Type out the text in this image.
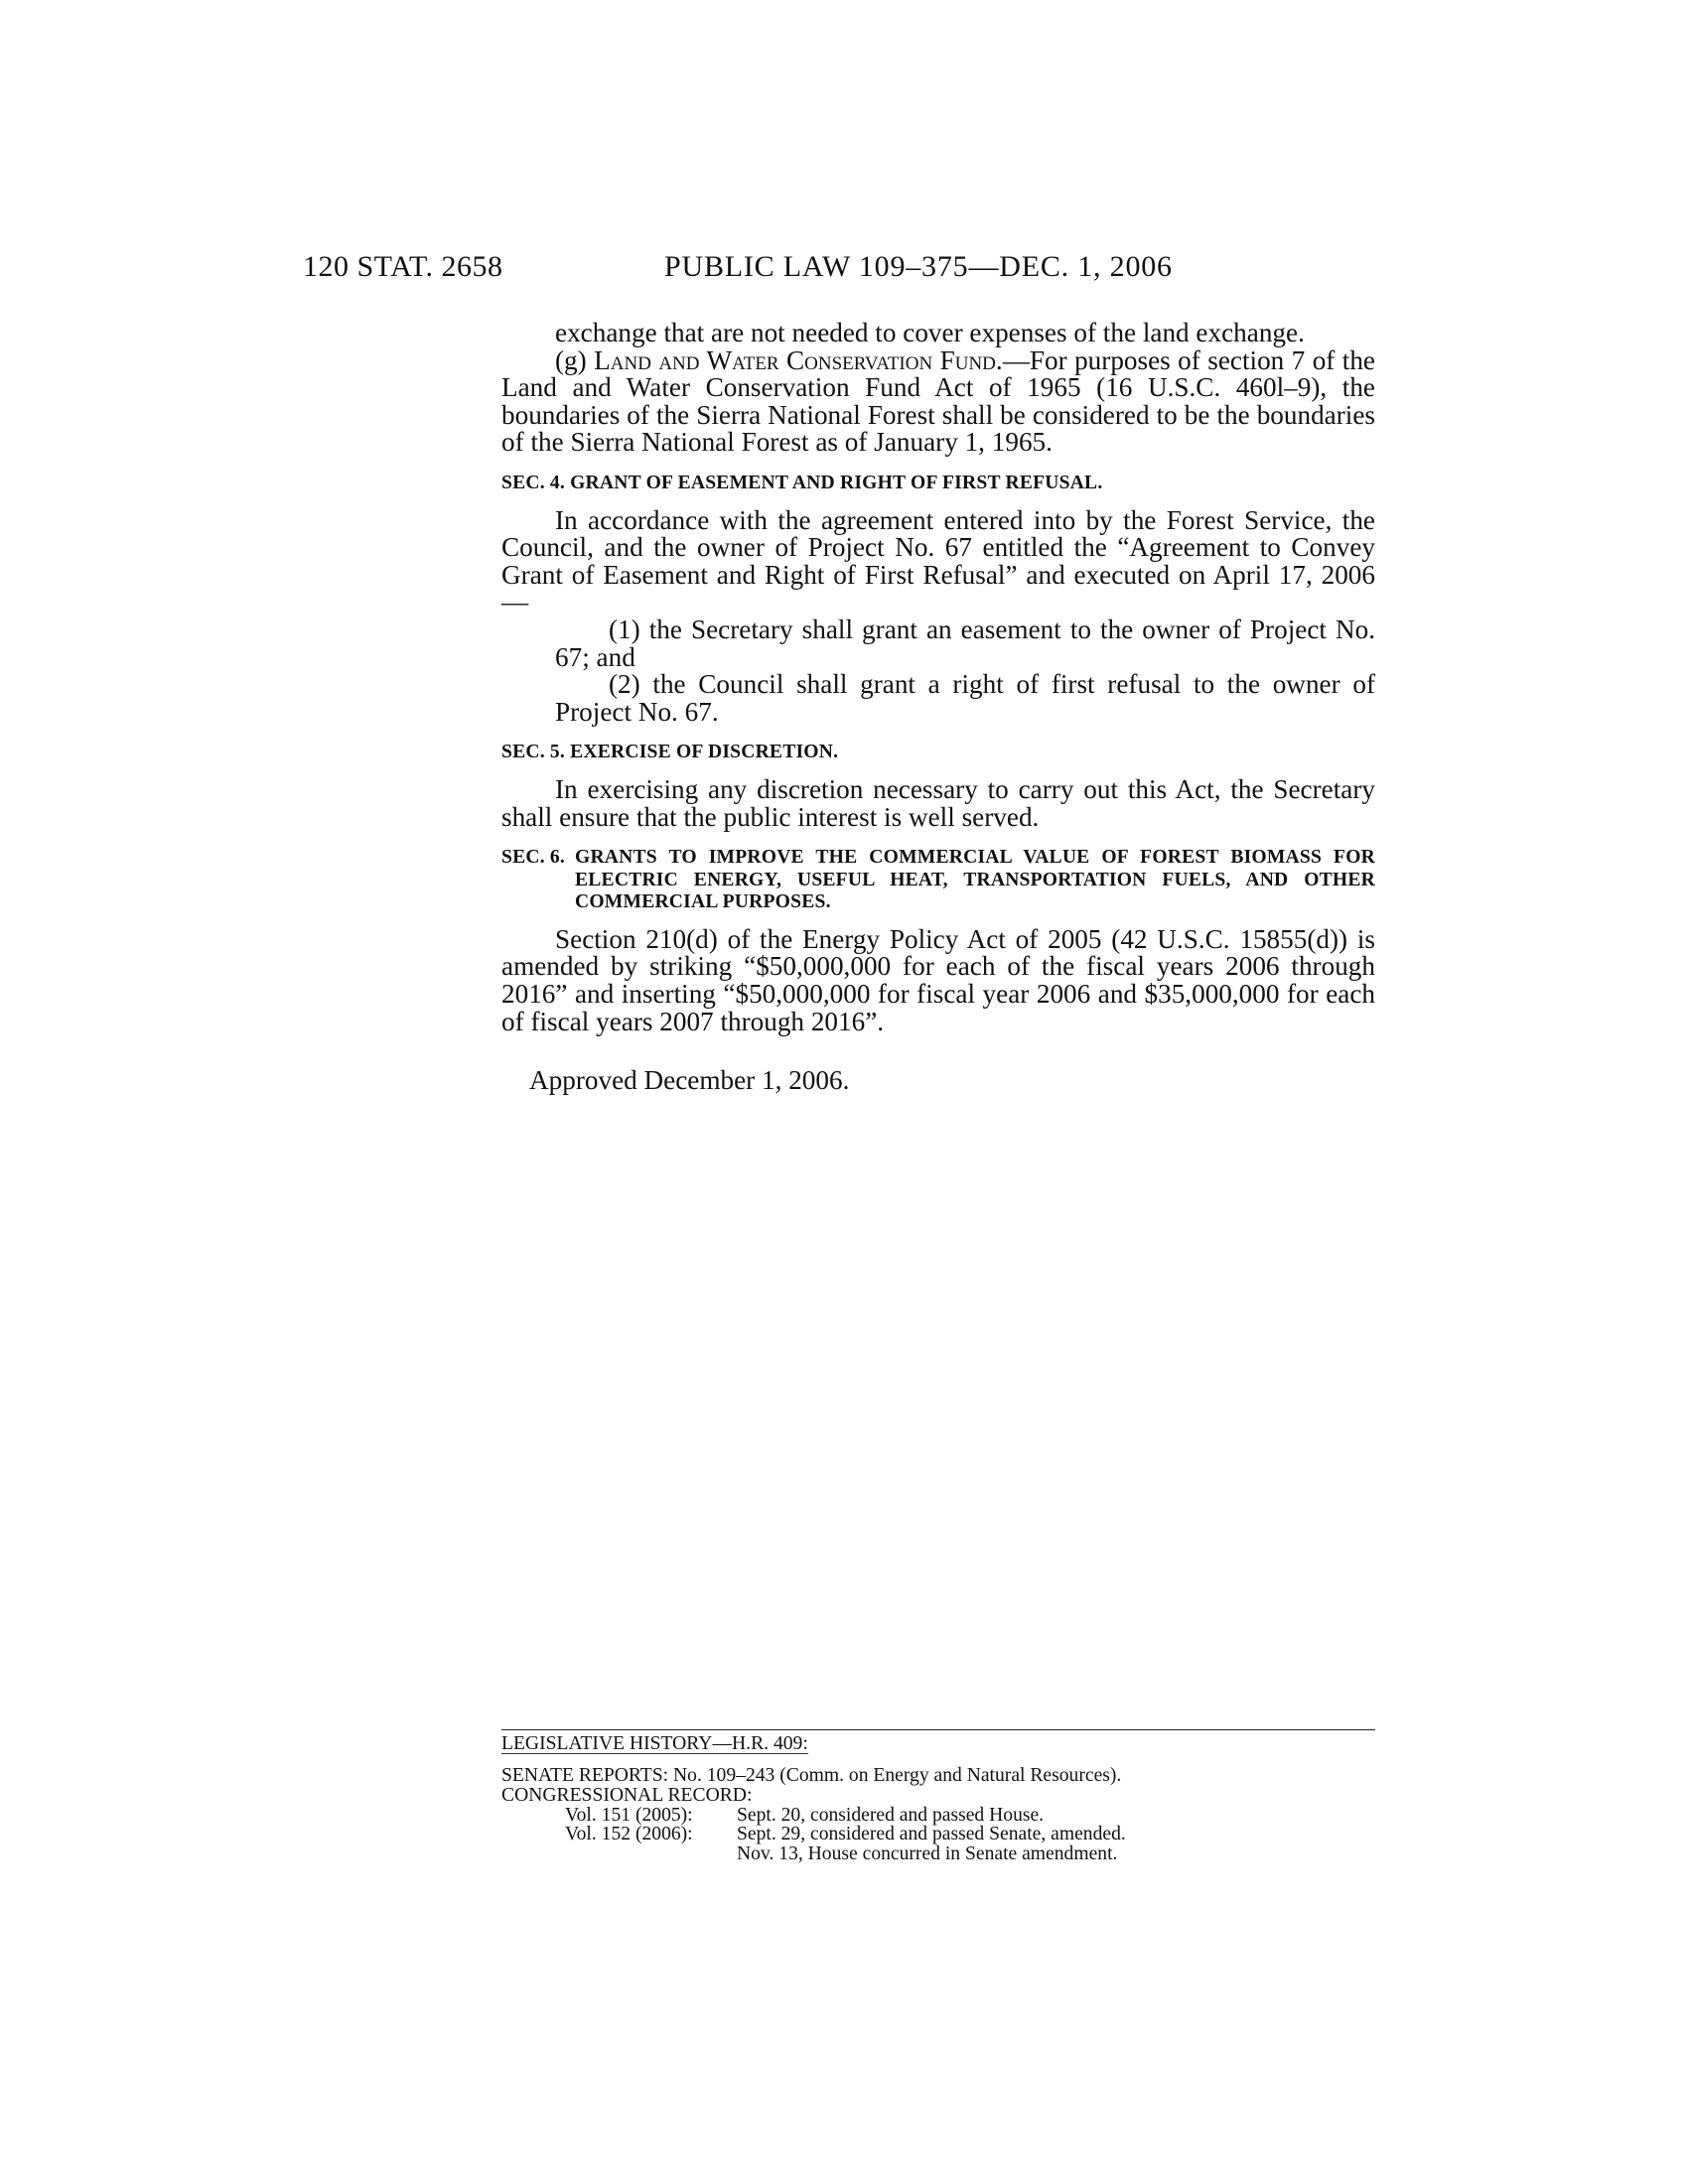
120 STAT. 2658	PUBLIC LAW 109–375—DEC. 1, 2006

exchange that are not needed to cover expenses of the land exchange.

(g) Land and Water Conservation Fund.—For purposes of section 7 of the Land and Water Conservation Fund Act of 1965 (16 U.S.C. 460l–9), the boundaries of the Sierra National Forest shall be considered to be the boundaries of the Sierra National Forest as of January 1, 1965.

SEC. 4. GRANT OF EASEMENT AND RIGHT OF FIRST REFUSAL.

In accordance with the agreement entered into by the Forest Service, the Council, and the owner of Project No. 67 entitled the “Agreement to Convey Grant of Easement and Right of First Refusal” and executed on April 17, 2006—

(1) the Secretary shall grant an easement to the owner of Project No. 67; and

(2) the Council shall grant a right of first refusal to the owner of Project No. 67.

SEC. 5. EXERCISE OF DISCRETION.

In exercising any discretion necessary to carry out this Act, the Secretary shall ensure that the public interest is well served.

SEC. 6. GRANTS TO IMPROVE THE COMMERCIAL VALUE OF FOREST BIOMASS FOR ELECTRIC ENERGY, USEFUL HEAT, TRANSPORTATION FUELS, AND OTHER COMMERCIAL PURPOSES.

Section 210(d) of the Energy Policy Act of 2005 (42 U.S.C. 15855(d)) is amended by striking “$50,000,000 for each of the fiscal years 2006 through 2016” and inserting “$50,000,000 for fiscal year 2006 and $35,000,000 for each of fiscal years 2007 through 2016”.

Approved December 1, 2006.

LEGISLATIVE HISTORY—H.R. 409:
SENATE REPORTS: No. 109–243 (Comm. on Energy and Natural Resources).
CONGRESSIONAL RECORD:
Vol. 151 (2005):	Sept. 20, considered and passed House.
Vol. 152 (2006):	Sept. 29, considered and passed Senate, amended.
Nov. 13, House concurred in Senate amendment.
